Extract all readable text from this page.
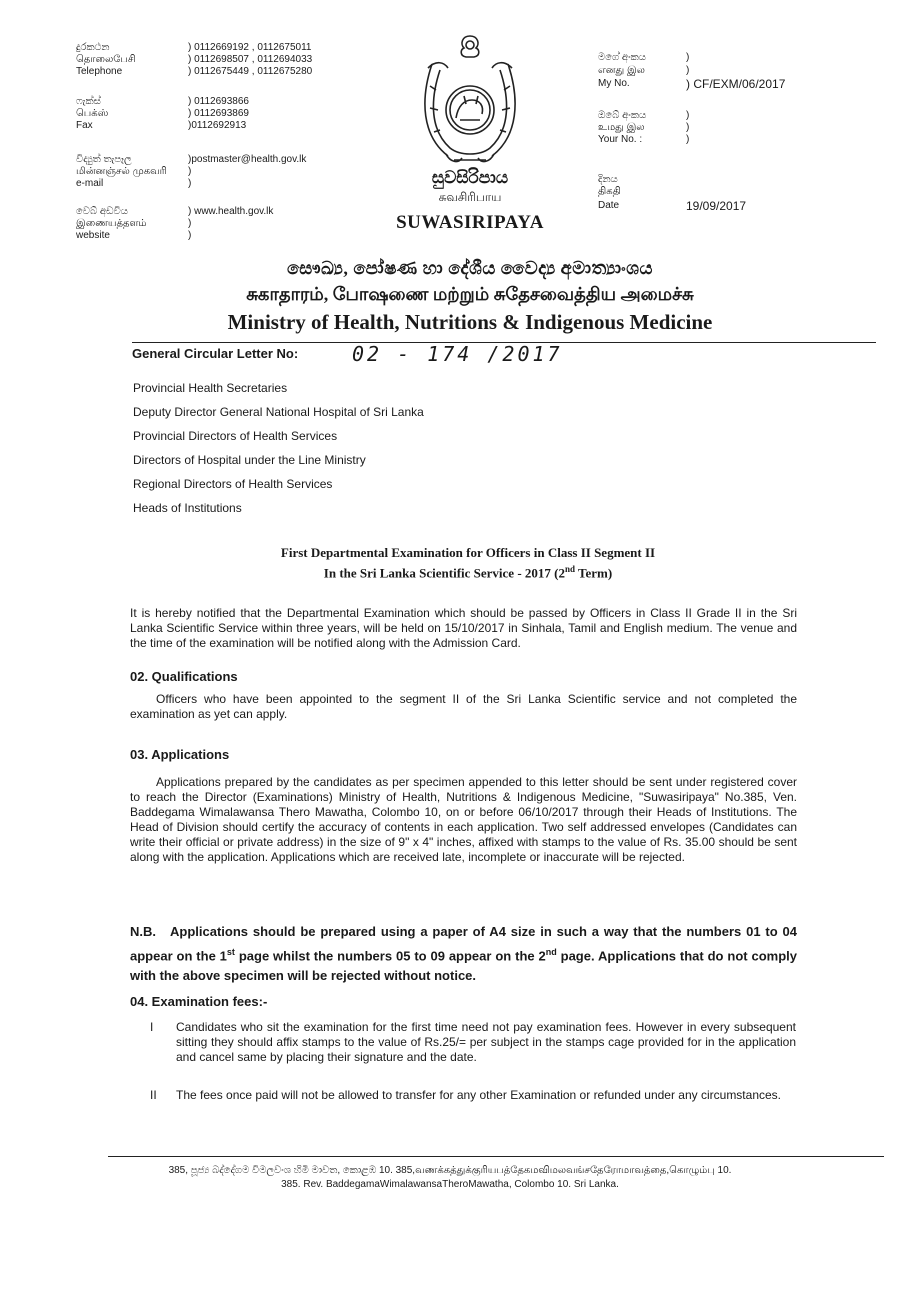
දුරකථන
தொலைபேசி
Telephone
) 0112669192 , 0112675011
) 0112698507 , 0112694033
) 0112675449 , 0112675280
ෆැක්ස්
பெக்ஸ்
Fax
) 0112693866
) 0112693869
)0112692913
විද්‍යුත් තැපෑල
மின்னஞ்சல் முகவரி
e-mail
)postmaster@health.gov.lk
)
)
වෙබ් අඩවිය
இணையத்தளம்
website
) www.health.gov.lk
)
)
සුවසිරිපාය
சுவசிரிபாய
SUWASIRIPAYA
මගේ අංකය
எனது இல
My No.
)
)
) CF/EXM/06/2017
ඔබේ අංකය
உமது இல
Your No. :
)
)
)
දිනය
திகதி
Date	19/09/2017
සෞඛ්‍ය, පෝෂණ හා දේශීය වෛද්‍ය අමාත්‍යාංශය
சுகாதாரம், போஷணை மற்றும் சுதேசவைத்திய அமைச்சு
Ministry of Health, Nutritions & Indigenous Medicine
General Circular Letter No:	02 - 174 /2017
Provincial Health Secretaries
Deputy Director General National Hospital of Sri Lanka
Provincial Directors of Health Services
Directors of Hospital under the Line Ministry
Regional Directors of Health Services
Heads of Institutions
First Departmental Examination for Officers in Class II Segment II
In the Sri Lanka Scientific Service - 2017 (2nd Term)
It is hereby notified that the Departmental Examination which should be passed by Officers in Class II Grade II in the Sri Lanka Scientific Service within three years, will be held on 15/10/2017 in Sinhala, Tamil and English medium. The venue and the time of the examination will be notified along with the Admission Card.
02. Qualifications
Officers who have been appointed to the segment II of the Sri Lanka Scientific service and not completed the examination as yet can apply.
03. Applications
Applications prepared by the candidates as per specimen appended to this letter should be sent under registered cover to reach the Director (Examinations) Ministry of Health, Nutritions & Indigenous Medicine, "Suwasiripaya" No.385, Ven. Baddegama Wimalawansa Thero Mawatha, Colombo 10, on or before 06/10/2017 through their Heads of Institutions. The Head of Division should certify the accuracy of contents in each application. Two self addressed envelopes (Candidates can write their official or private address) in the size of 9" x 4" inches, affixed with stamps to the value of Rs. 35.00 should be sent along with the application. Applications which are received late, incomplete or inaccurate will be rejected.
N.B. Applications should be prepared using a paper of A4 size in such a way that the numbers 01 to 04 appear on the 1st page whilst the numbers 05 to 09 appear on the 2nd page. Applications that do not comply with the above specimen will be rejected without notice.
04. Examination fees:-
I Candidates who sit the examination for the first time need not pay examination fees. However in every subsequent sitting they should affix stamps to the value of Rs.25/= per subject in the stamps cage provided for in the application and cancel same by placing their signature and the date.
II The fees once paid will not be allowed to transfer for any other Examination or refunded under any circumstances.
385, පූජ්‍ය බද්දේගම විමලවංශ හිමි මාවත, කොළඹ 10. 385,வணக்கத்துக்குரியபத்தேகமவிமலவங்சதேரோமாவத்தை,கொழும்பு 10.
385. Rev. BaddegamaWimalawansaTheroMawatha, Colombo 10. Sri Lanka.
